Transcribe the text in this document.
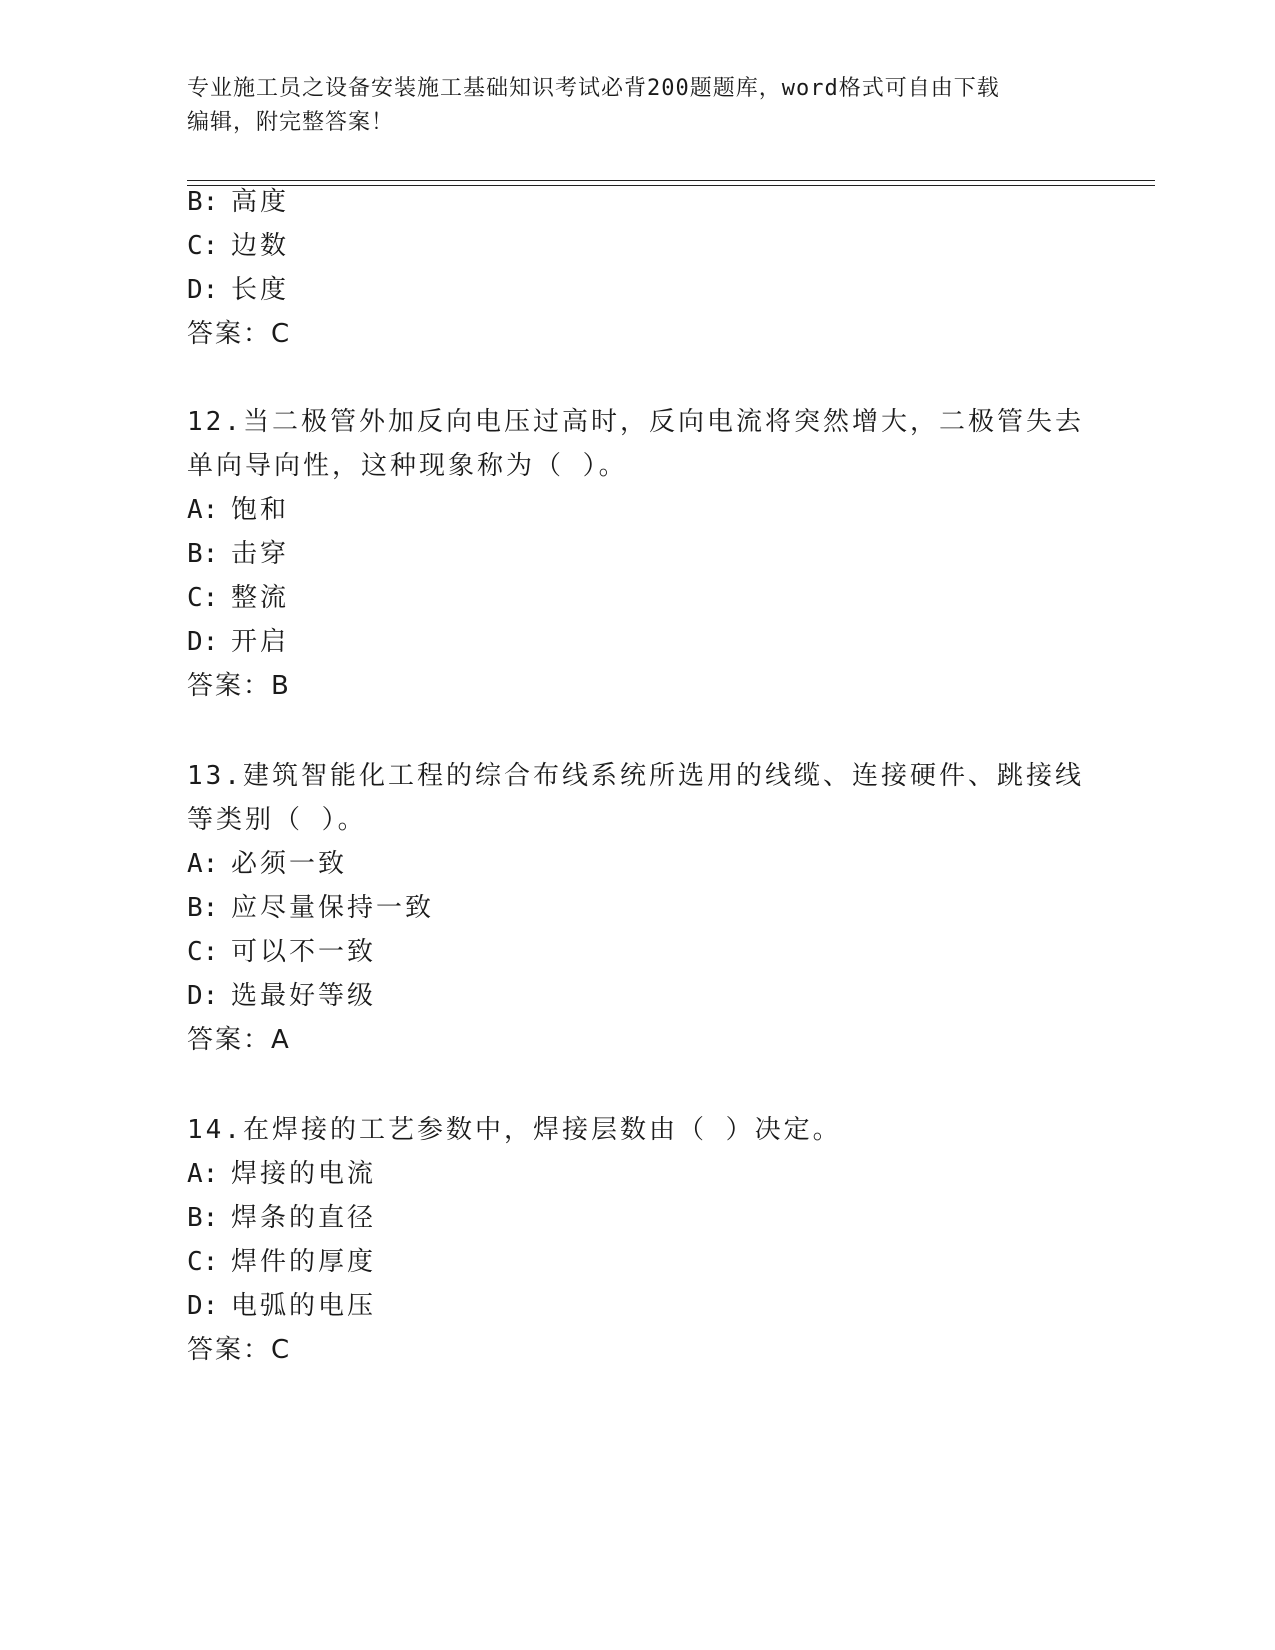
专业施工员之设备安装施工基础知识考试必背200题题库，word格式可自由下载
编辑，附完整答案！
B: 高度
C: 边数
D: 长度
答案：C
12.当二极管外加反向电压过高时，反向电流将突然增大，二极管失去
单向导向性，这种现象称为（ ）。
A: 饱和
B: 击穿
C: 整流
D: 开启
答案：B
13.建筑智能化工程的综合布线系统所选用的线缆、连接硬件、跳接线
等类别（ ）。
A: 必须一致
B: 应尽量保持一致
C: 可以不一致
D: 选最好等级
答案：A
14.在焊接的工艺参数中，焊接层数由（ ）决定。
A: 焊接的电流
B: 焊条的直径
C: 焊件的厚度
D: 电弧的电压
答案：C
